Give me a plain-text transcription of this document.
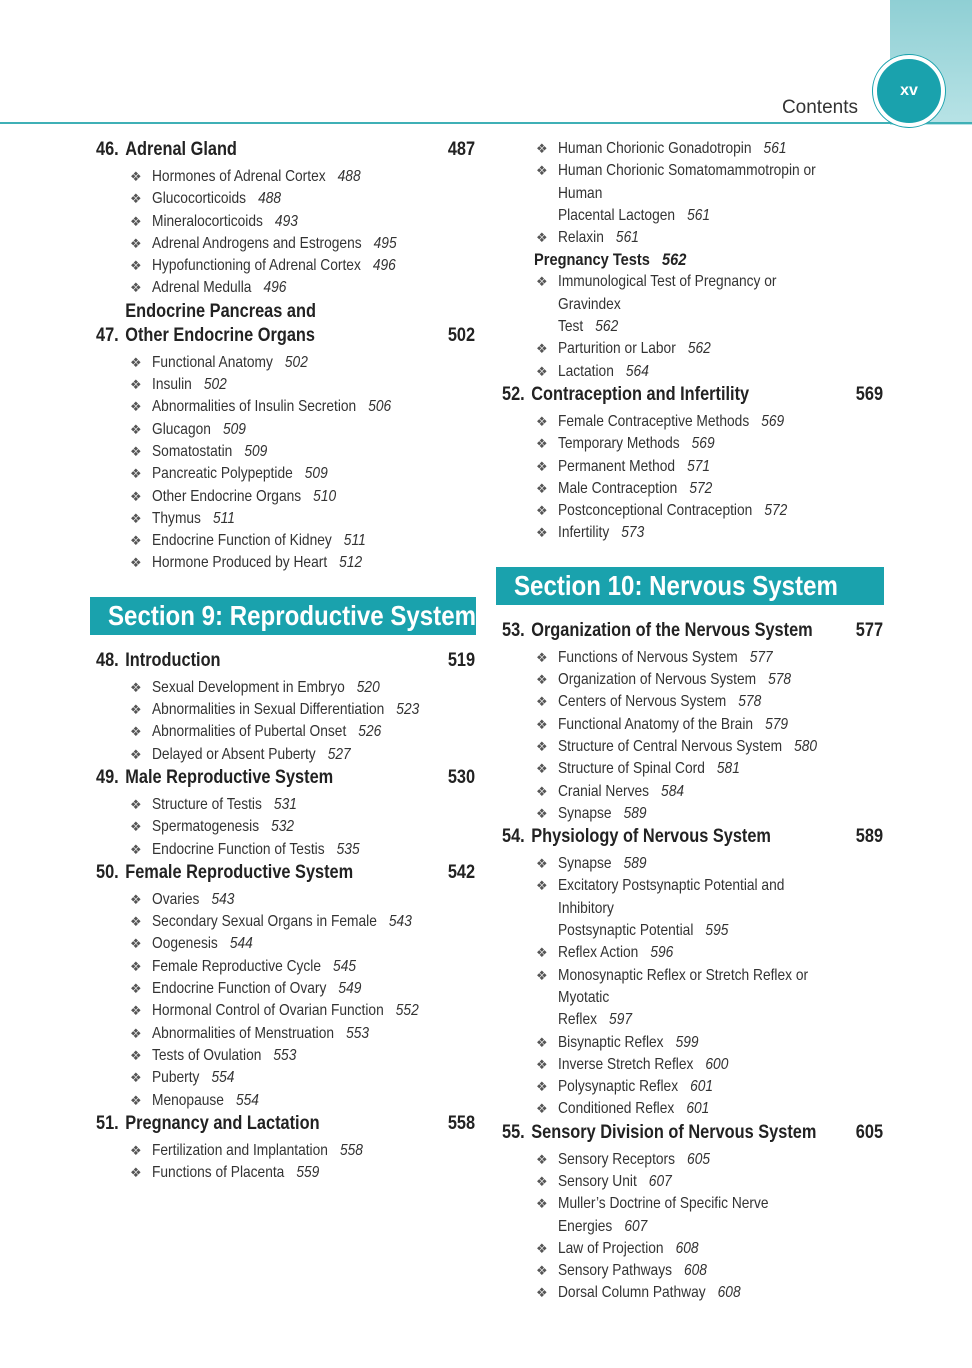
xv
Contents
46. Adrenal Gland	487
❖ Hormones of Adrenal Cortex 488
❖ Glucocorticoids 488
❖ Mineralocorticoids 493
❖ Adrenal Androgens and Estrogens 495
❖ Hypofunctioning of Adrenal Cortex 496
❖ Adrenal Medulla 496
47.
Endocrine Pancreas and
Other Endocrine Organs	502
❖ Functional Anatomy 502
❖ Insulin 502
❖ Abnormalities of Insulin Secretion 506
❖ Glucagon 509
❖ Somatostatin 509
❖ Pancreatic Polypeptide 509
❖ Other Endocrine Organs 510
❖ Thymus 511
❖ Endocrine Function of Kidney 511
❖ Hormone Produced by Heart 512
Section 9: Reproductive System
48. Introduction	519
❖ Sexual Development in Embryo 520
❖ Abnormalities in Sexual Differentiation 523
❖ Abnormalities of Pubertal Onset 526
❖ Delayed or Absent Puberty 527
49. Male Reproductive System	530
❖ Structure of Testis 531
❖ Spermatogenesis 532
❖ Endocrine Function of Testis 535
50. Female Reproductive System	542
❖ Ovaries 543
❖ Secondary Sexual Organs in Female 543
❖ Oogenesis 544
❖ Female Reproductive Cycle 545
❖ Endocrine Function of Ovary 549
❖ Hormonal Control of Ovarian Function 552
❖ Abnormalities of Menstruation 553
❖ Tests of Ovulation 553
❖ Puberty 554
❖ Menopause 554
51. Pregnancy and Lactation	558
❖ Fertilization and Implantation 558
❖ Functions of Placenta 559
❖ Human Chorionic Gonadotropin 561
❖ Human Chorionic Somatomammotropin or Human
Placental Lactogen 561
❖ Relaxin 561
Pregnancy Tests 562
❖ Immunological Test of Pregnancy or Gravindex
Test 562
❖ Parturition or Labor 562
❖ Lactation 564
52. Contraception and Infertility	569
❖ Female Contraceptive Methods 569
❖ Temporary Methods 569
❖ Permanent Method 571
❖ Male Contraception 572
❖ Postconceptional Contraception 572
❖ Infertility 573
Section 10: Nervous System
53. Organization of the Nervous System	577
❖ Functions of Nervous System 577
❖ Organization of Nervous System 578
❖ Centers of Nervous System 578
❖ Functional Anatomy of the Brain 579
❖ Structure of Central Nervous System 580
❖ Structure of Spinal Cord 581
❖ Cranial Nerves 584
❖ Synapse 589
54. Physiology of Nervous System	589
❖ Synapse 589
❖ Excitatory Postsynaptic Potential and Inhibitory
Postsynaptic Potential 595
❖ Reflex Action 596
❖ Monosynaptic Reflex or Stretch Reflex or Myotatic
Reflex 597
❖ Bisynaptic Reflex 599
❖ Inverse Stretch Reflex 600
❖ Polysynaptic Reflex 601
❖ Conditioned Reflex 601
55. Sensory Division of Nervous System	605
❖ Sensory Receptors 605
❖ Sensory Unit 607
❖ Muller’s Doctrine of Specific Nerve Energies 607
❖ Law of Projection 608
❖ Sensory Pathways 608
❖ Dorsal Column Pathway 608
